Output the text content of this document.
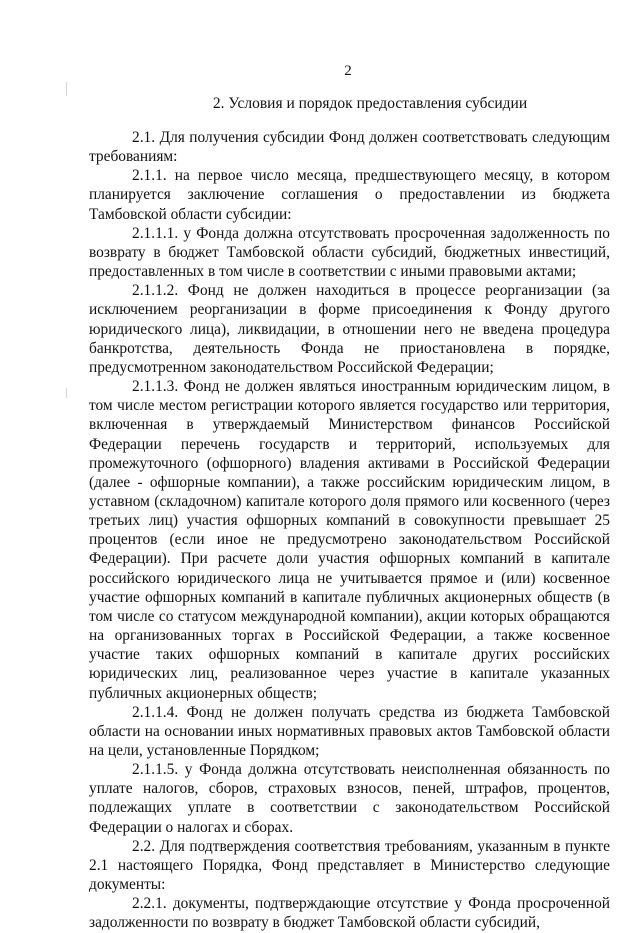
2
2. Условия и порядок предоставления субсидии

2.1. Для получения субсидии Фонд должен соответствовать следующим требованиям:

2.1.1. на первое число месяца, предшествующего месяцу, в котором планируется заключение соглашения о предоставлении из бюджета Тамбовской области субсидии:

2.1.1.1. у Фонда должна отсутствовать просроченная задолженность по возврату в бюджет Тамбовской области субсидий, бюджетных инвестиций, предоставленных в том числе в соответствии с иными правовыми актами;

2.1.1.2. Фонд не должен находиться в процессе реорганизации (за исключением реорганизации в форме присоединения к Фонду другого юридического лица), ликвидации, в отношении него не введена процедура банкротства, деятельность Фонда не приостановлена в порядке, предусмотренном законодательством Российской Федерации;

2.1.1.3. Фонд не должен являться иностранным юридическим лицом, в том числе местом регистрации которого является государство или территория, включенная в утверждаемый Министерством финансов Российской Федерации перечень государств и территорий, используемых для промежуточного (офшорного) владения активами в Российской Федерации (далее - офшорные компании), а также российским юридическим лицом, в уставном (складочном) капитале которого доля прямого или косвенного (через третьих лиц) участия офшорных компаний в совокупности превышает 25 процентов (если иное не предусмотрено законодательством Российской Федерации). При расчете доли участия офшорных компаний в капитале российского юридического лица не учитывается прямое и (или) косвенное участие офшорных компаний в капитале публичных акционерных обществ (в том числе со статусом международной компании), акции которых обращаются на организованных торгах в Российской Федерации, а также косвенное участие таких офшорных компаний в капитале других российских юридических лиц, реализованное через участие в капитале указанных публичных акционерных обществ;

2.1.1.4. Фонд не должен получать средства из бюджета Тамбовской области на основании иных нормативных правовых актов Тамбовской области на цели, установленные Порядком;

2.1.1.5. у Фонда должна отсутствовать неисполненная обязанность по уплате налогов, сборов, страховых взносов, пеней, штрафов, процентов, подлежащих уплате в соответствии с законодательством Российской Федерации о налогах и сборах.

2.2. Для подтверждения соответствия требованиям, указанным в пункте 2.1 настоящего Порядка, Фонд представляет в Министерство следующие документы:

2.2.1. документы, подтверждающие отсутствие у Фонда просроченной задолженности по возврату в бюджет Тамбовской области субсидий,
